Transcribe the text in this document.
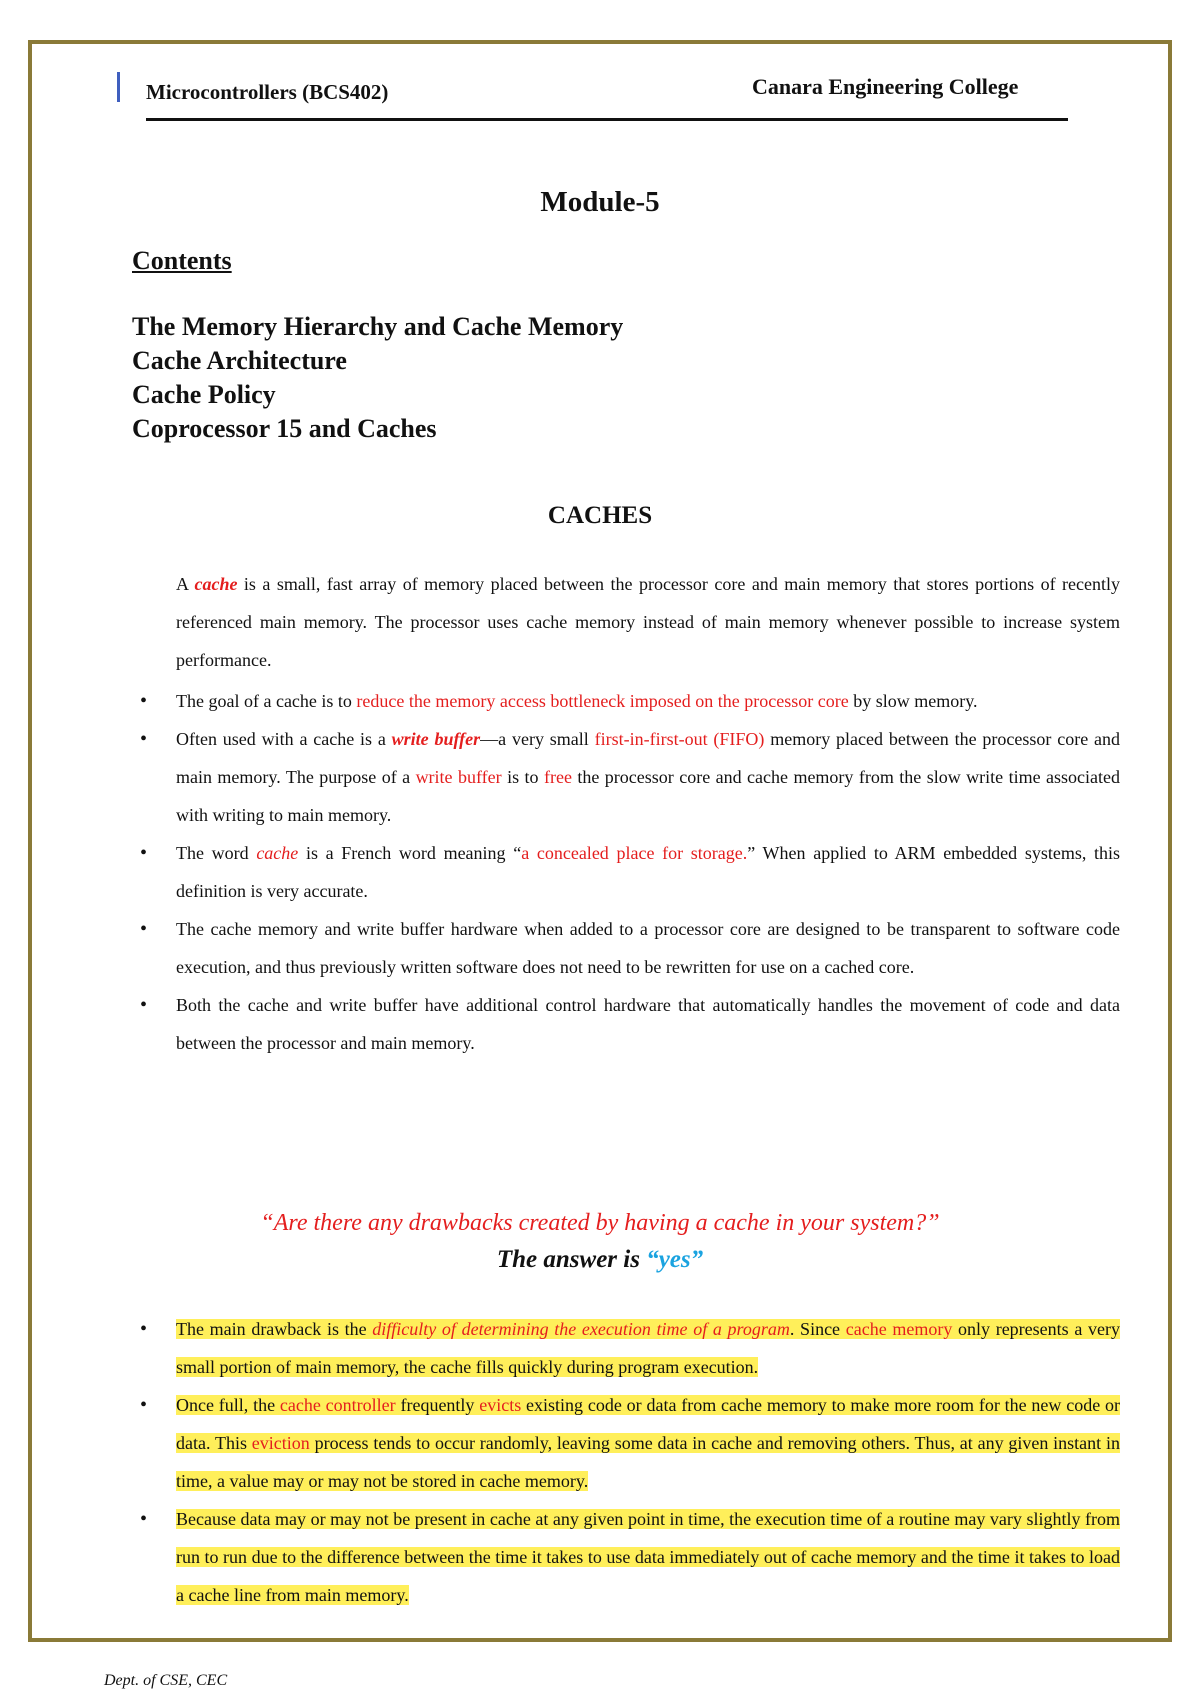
Microcontrollers (BCS402)	Canara Engineering College
Module-5
Contents
The Memory Hierarchy and Cache Memory
Cache Architecture
Cache Policy
Coprocessor 15 and Caches
CACHES
A cache is a small, fast array of memory placed between the processor core and main memory that stores portions of recently referenced main memory. The processor uses cache memory instead of main memory whenever possible to increase system performance.
• The goal of a cache is to reduce the memory access bottleneck imposed on the processor core by slow memory.
• Often used with a cache is a write buffer—a very small first-in-first-out (FIFO) memory placed between the processor core and main memory. The purpose of a write buffer is to free the processor core and cache memory from the slow write time associated with writing to main memory.
• The word cache is a French word meaning “a concealed place for storage.” When applied to ARM embedded systems, this definition is very accurate.
• The cache memory and write buffer hardware when added to a processor core are designed to be transparent to software code execution, and thus previously written software does not need to be rewritten for use on a cached core.
• Both the cache and write buffer have additional control hardware that automatically handles the movement of code and data between the processor and main memory.
“Are there any drawbacks created by having a cache in your system?”
The answer is “yes”
• The main drawback is the difficulty of determining the execution time of a program. Since cache memory only represents a very small portion of main memory, the cache fills quickly during program execution.
• Once full, the cache controller frequently evicts existing code or data from cache memory to make more room for the new code or data. This eviction process tends to occur randomly, leaving some data in cache and removing others. Thus, at any given instant in time, a value may or may not be stored in cache memory.
• Because data may or may not be present in cache at any given point in time, the execution time of a routine may vary slightly from run to run due to the difference between the time it takes to use data immediately out of cache memory and the time it takes to load a cache line from main memory.
Dept. of CSE, CEC
